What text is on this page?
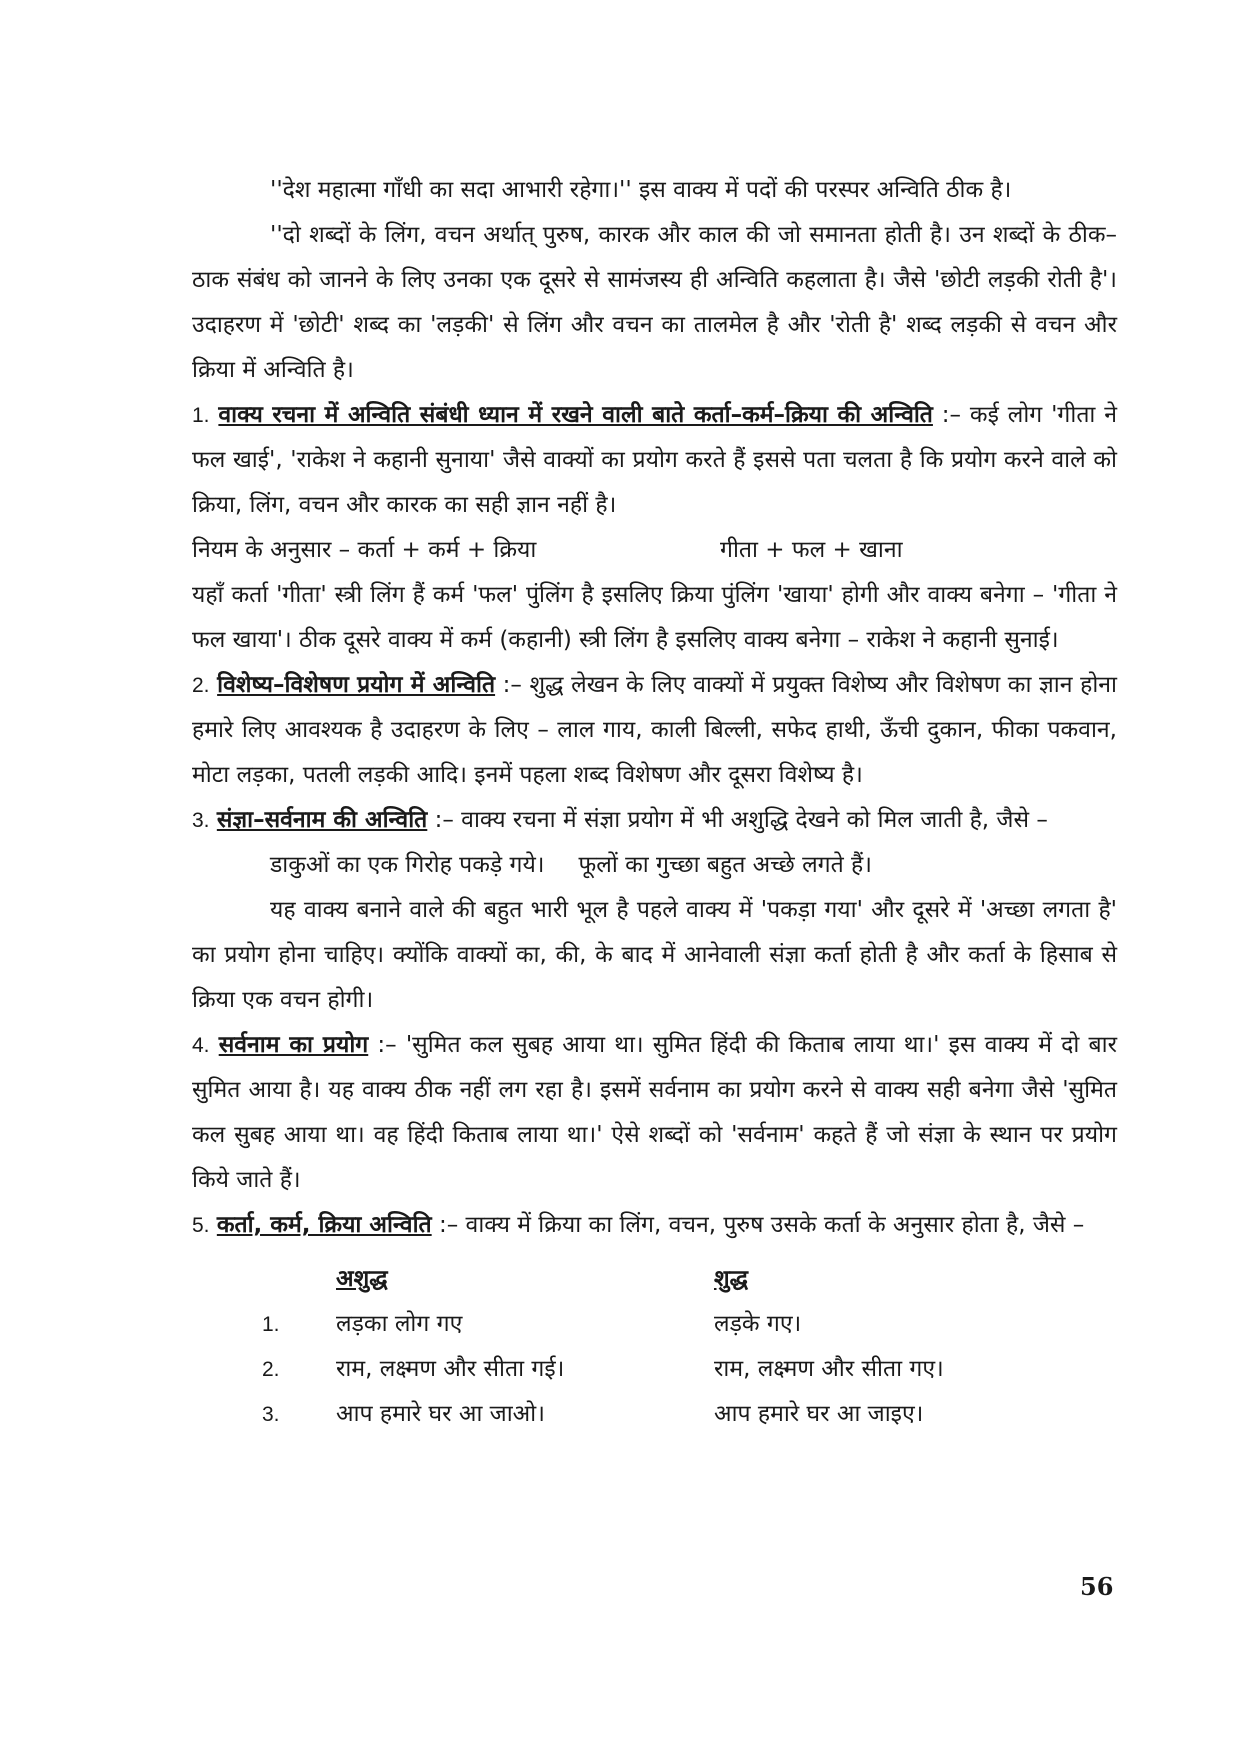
''देश महात्मा गाँधी का सदा आभारी रहेगा।'' इस वाक्य में पदों की परस्पर अन्विति ठीक है।

''दो शब्दों के लिंग, वचन अर्थात् पुरुष, कारक और काल की जो समानता होती है। उन शब्दों के ठीक–ठाक संबंध को जानने के लिए उनका एक दूसरे से सामंजस्य ही अन्विति कहलाता है। जैसे 'छोटी लड़की रोती है'। उदाहरण में 'छोटी' शब्द का 'लड़की' से लिंग और वचन का तालमेल है और 'रोती है' शब्द लड़की से वचन और क्रिया में अन्विति है।

1. वाक्य रचना में अन्विति संबंधी ध्यान में रखने वाली बाते कर्ता–कर्म–क्रिया की अन्विति :– कई लोग 'गीता ने फल खाई', 'राकेश ने कहानी सुनाया' जैसे वाक्यों का प्रयोग करते हैं इससे पता चलता है कि प्रयोग करने वाले को क्रिया, लिंग, वचन और कारक का सही ज्ञान नहीं है।

नियम के अनुसार – कर्ता + कर्म + क्रिया	गीता + फल + खाना

यहाँ कर्ता 'गीता' स्त्री लिंग हैं कर्म 'फल' पुंलिंग है इसलिए क्रिया पुंलिंग 'खाया' होगी और वाक्य बनेगा – 'गीता ने फल खाया'। ठीक दूसरे वाक्य में कर्म (कहानी) स्त्री लिंग है इसलिए वाक्य बनेगा – राकेश ने कहानी सुनाई।

2. विशेष्य–विशेषण प्रयोग में अन्विति :– शुद्ध लेखन के लिए वाक्यों में प्रयुक्त विशेष्य और विशेषण का ज्ञान होना हमारे लिए आवश्यक है उदाहरण के लिए – लाल गाय, काली बिल्ली, सफेद हाथी, ऊँची दुकान, फीका पकवान, मोटा लड़का, पतली लड़की आदि। इनमें पहला शब्द विशेषण और दूसरा विशेष्य है।

3. संज्ञा–सर्वनाम की अन्विति :– वाक्य रचना में संज्ञा प्रयोग में भी अशुद्धि देखने को मिल जाती है, जैसे –

डाकुओं का एक गिरोह पकड़े गये। फूलों का गुच्छा बहुत अच्छे लगते हैं।

यह वाक्य बनाने वाले की बहुत भारी भूल है पहले वाक्य में 'पकड़ा गया' और दूसरे में 'अच्छा लगता है' का प्रयोग होना चाहिए। क्योंकि वाक्यों का, की, के बाद में आनेवाली संज्ञा कर्ता होती है और कर्ता के हिसाब से क्रिया एक वचन होगी।

4. सर्वनाम का प्रयोग :– 'सुमित कल सुबह आया था। सुमित हिंदी की किताब लाया था।' इस वाक्य में दो बार सुमित आया है। यह वाक्य ठीक नहीं लग रहा है। इसमें सर्वनाम का प्रयोग करने से वाक्य सही बनेगा जैसे 'सुमित कल सुबह आया था। वह हिंदी किताब लाया था।' ऐसे शब्दों को 'सर्वनाम' कहते हैं जो संज्ञा के स्थान पर प्रयोग किये जाते हैं।

5. कर्ता, कर्म, क्रिया अन्विति :– वाक्य में क्रिया का लिंग, वचन, पुरुष उसके कर्ता के अनुसार होता है, जैसे –

	अशुद्ध	शुद्ध
1.	लड़का लोग गए	लड़के गए।
2.	राम, लक्ष्मण और सीता गई।	राम, लक्ष्मण और सीता गए।
3.	आप हमारे घर आ जाओ।	आप हमारे घर आ जाइए।
56
